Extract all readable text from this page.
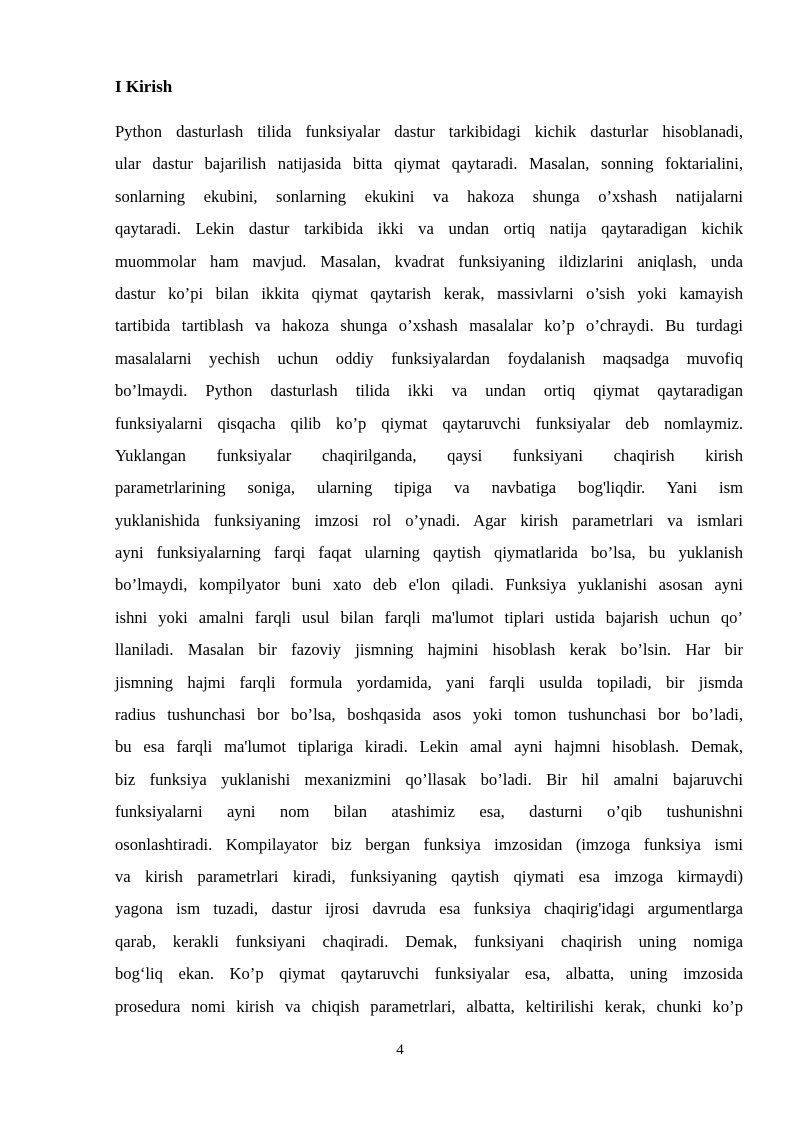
I Kirish
Python dasturlash tilida funksiyalar dastur tarkibidagi kichik dasturlar hisoblanadi,
ular dastur bajarilish natijasida bitta qiymat qaytaradi. Masalan, sonning foktarialini,
sonlarning ekubini, sonlarning ekukini va hakoza shunga o’xshash natijalarni
qaytaradi. Lekin dastur tarkibida ikki va undan ortiq natija qaytaradigan kichik
muommolar ham mavjud. Masalan, kvadrat funksiyaning ildizlarini aniqlash, unda
dastur ko’pi bilan ikkita qiymat qaytarish kerak, massivlarni o’sish yoki kamayish
tartibida tartiblash va hakoza shunga o’xshash masalalar ko’p o’chraydi. Bu turdagi
masalalarni yechish uchun oddiy funksiyalardan foydalanish maqsadga muvofiq
bo’lmaydi. Python dasturlash tilida ikki va undan ortiq qiymat qaytaradigan
funksiyalarni qisqacha qilib ko’p qiymat qaytaruvchi funksiyalar deb nomlaymiz.
Yuklangan funksiyalar chaqirilganda, qaysi funksiyani chaqirish kirish
parametrlarining soniga, ularning tipiga va navbatiga bog'liqdir. Yani ism
yuklanishida funksiyaning imzosi rol o’ynadi. Agar kirish parametrlari va ismlari
ayni funksiyalarning farqi faqat ularning qaytish qiymatlarida bo’lsa, bu yuklanish
bo’lmaydi, kompilyator buni xato deb e'lon qiladi. Funksiya yuklanishi asosan ayni
ishni yoki amalni farqli usul bilan farqli ma'lumot tiplari ustida bajarish uchun qo’
llaniladi. Masalan bir fazoviy jismning hajmini hisoblash kerak bo’lsin. Har bir
jismning hajmi farqli formula yordamida, yani farqli usulda topiladi, bir jismda
radius tushunchasi bor bo’lsa, boshqasida asos yoki tomon tushunchasi bor bo’ladi,
bu esa farqli ma'lumot tiplariga kiradi. Lekin amal ayni hajmni hisoblash. Demak,
biz funksiya yuklanishi mexanizmini qo’llasak bo’ladi. Bir hil amalni bajaruvchi
funksiyalarni ayni nom bilan atashimiz esa, dasturni o’qib tushunishni
osonlashtiradi. Kompilayator biz bergan funksiya imzosidan (imzoga funksiya ismi
va kirish parametrlari kiradi, funksiyaning qaytish qiymati esa imzoga kirmaydi)
yagona ism tuzadi, dastur ijrosi davruda esa funksiya chaqirig'idagi argumentlarga
qarab, kerakli funksiyani chaqiradi. Demak, funksiyani chaqirish uning nomiga
bog‘liq ekan. Ko’p qiymat qaytaruvchi funksiyalar esa, albatta, uning imzosida
prosedura nomi kirish va chiqish parametrlari, albatta, keltirilishi kerak, chunki ko’p

4
